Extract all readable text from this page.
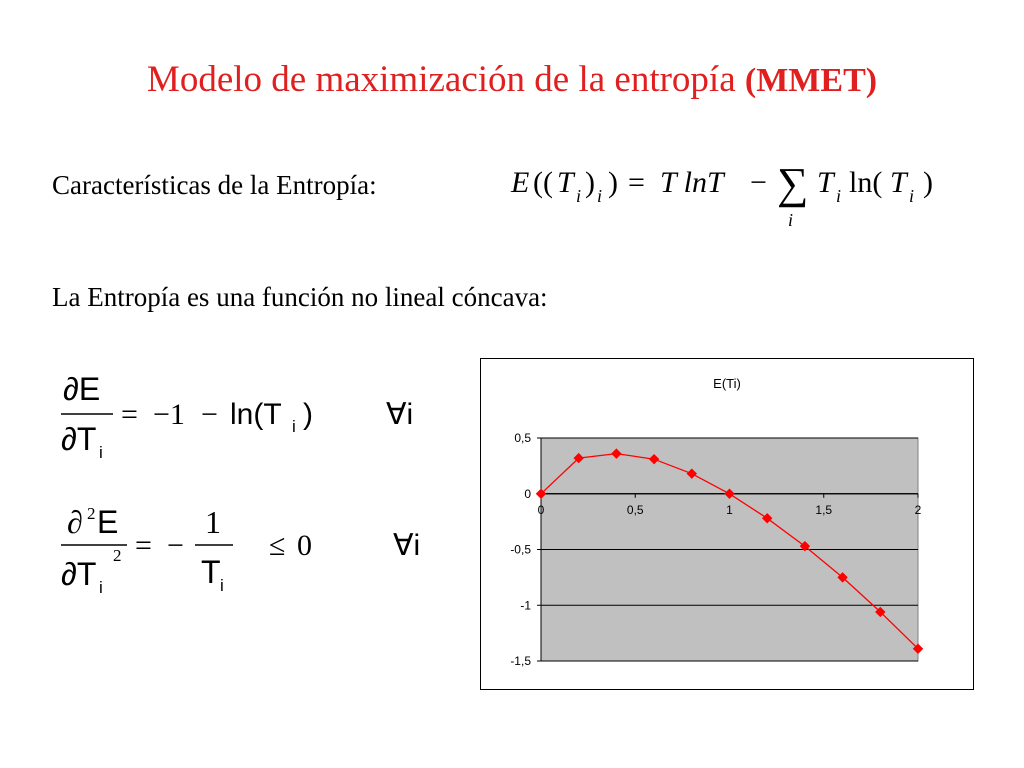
Modelo de maximización de la entropía (MMET)
Características de la Entropía:	E (( T i ) i ) = T lnT − ∑
i
T i ln( T i )
La Entropía es una función no lineal cóncava:
∂E
∂T i
= −1 − ln(T i ) ∀i
∂ 2 E
∂T i
2 = −
1
T i
≤ 0	∀i
E(Ti)
0,5
0
-0,5
-1
-1,5
0	0,5	1	1,5	2
